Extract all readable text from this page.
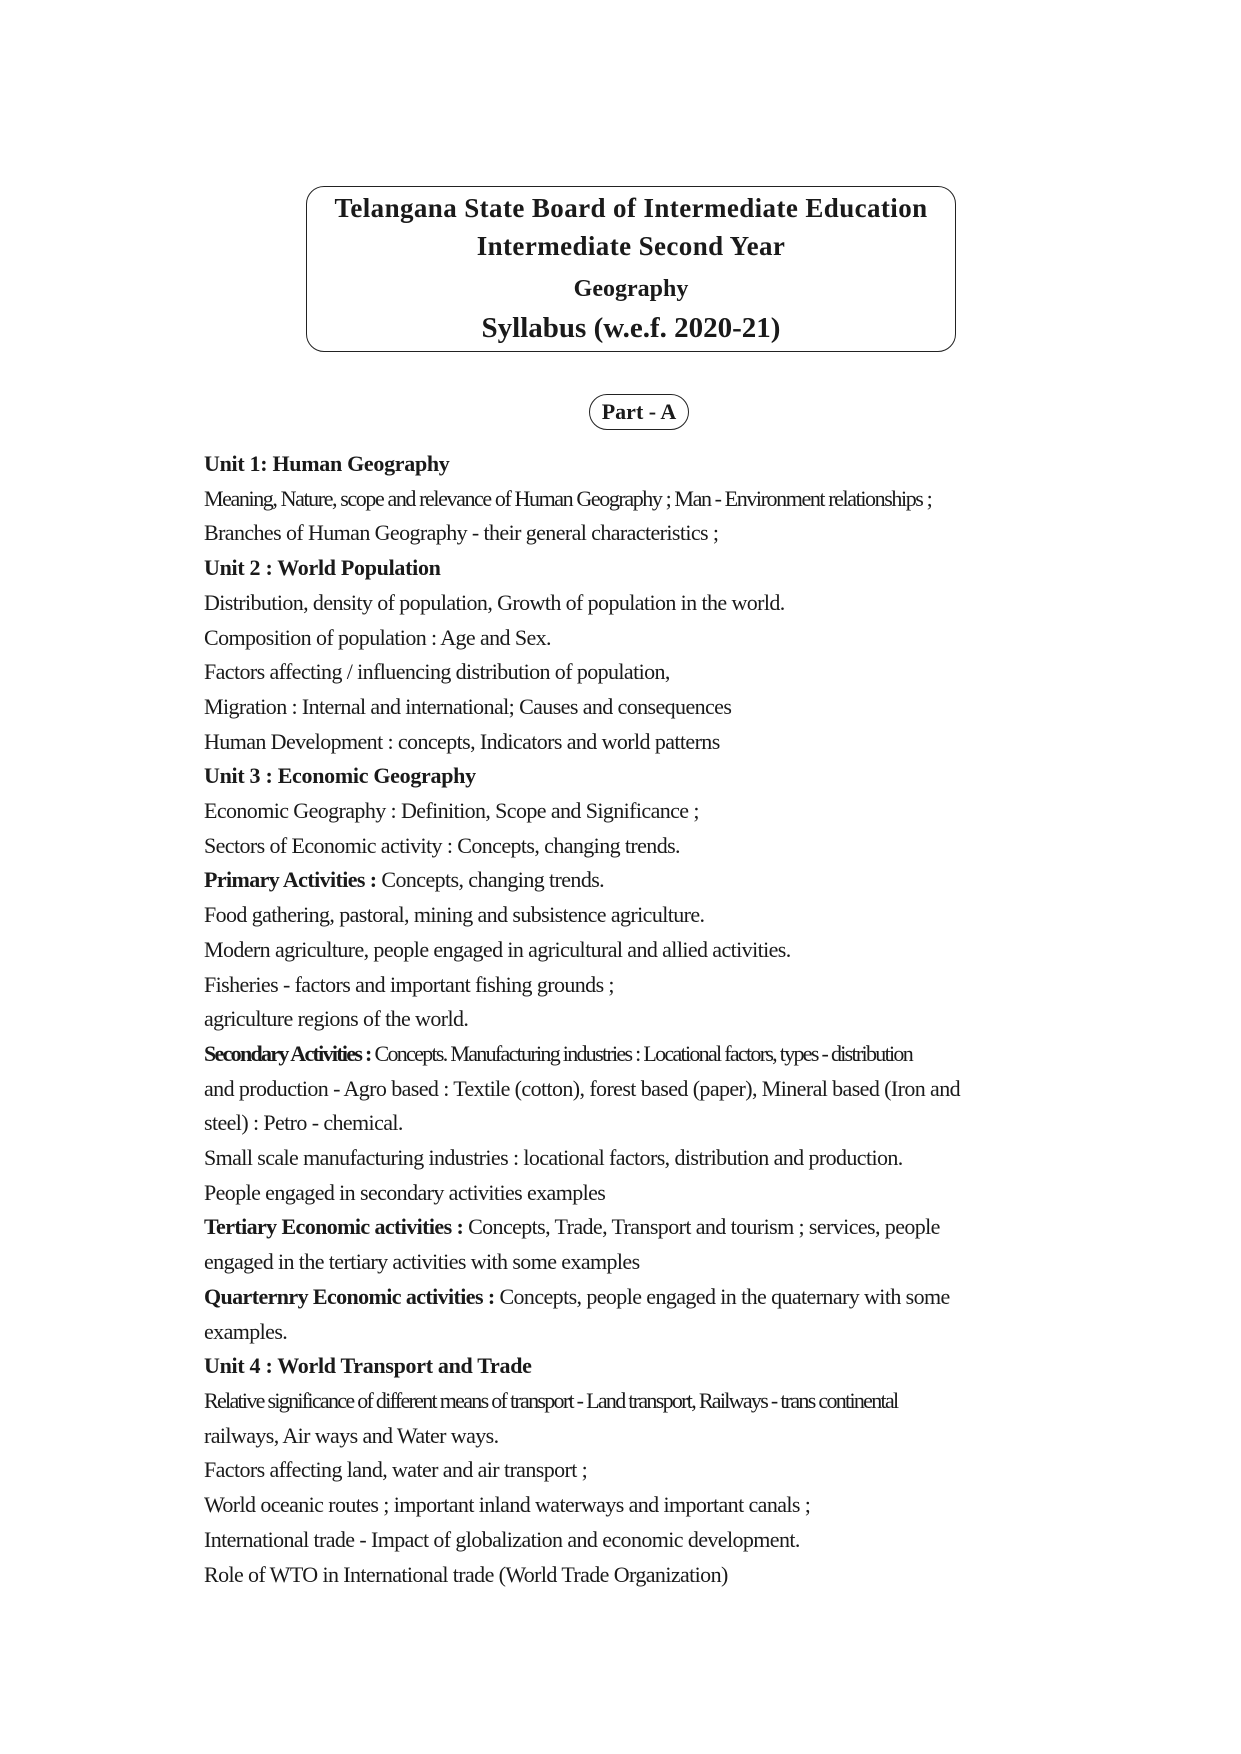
Telangana State Board of Intermediate Education
Intermediate Second Year
Geography
Syllabus (w.e.f. 2020-21)
Part - A
Unit 1: Human Geography
Meaning, Nature, scope and relevance of Human Geography ; Man - Environment relationships ;
Branches of Human Geography - their general characteristics ;
Unit 2 : World Population
Distribution, density of population, Growth of population in the world.
Composition of population : Age and Sex.
Factors affecting / influencing distribution of population,
Migration : Internal and international; Causes and consequences
Human Development : concepts, Indicators and world patterns
Unit 3 : Economic Geography
Economic Geography : Definition, Scope and Significance ;
Sectors of Economic activity : Concepts, changing trends.
Primary Activities : Concepts, changing trends.
Food gathering, pastoral, mining and subsistence agriculture.
Modern agriculture, people engaged in agricultural and allied activities.
Fisheries - factors and important fishing grounds ;
agriculture regions of the world.
Secondary Activities : Concepts. Manufacturing industries : Locational factors, types - distribution
and production - Agro based : Textile (cotton), forest based (paper), Mineral based (Iron and
steel) : Petro - chemical.
Small scale manufacturing industries : locational factors, distribution and production.
People engaged in secondary activities examples
Tertiary Economic activities : Concepts, Trade, Transport and tourism ; services, people
engaged in the tertiary activities with some examples
Quarternry Economic activities : Concepts, people engaged in the quaternary with some
examples.
Unit 4 : World Transport and Trade
Relative significance of different means of transport - Land transport, Railways - trans continental
railways, Air ways and Water ways.
Factors affecting land, water and air transport ;
World oceanic routes ; important inland waterways and important canals ;
International trade - Impact of globalization and economic development.
Role of WTO in International trade (World Trade Organization)
